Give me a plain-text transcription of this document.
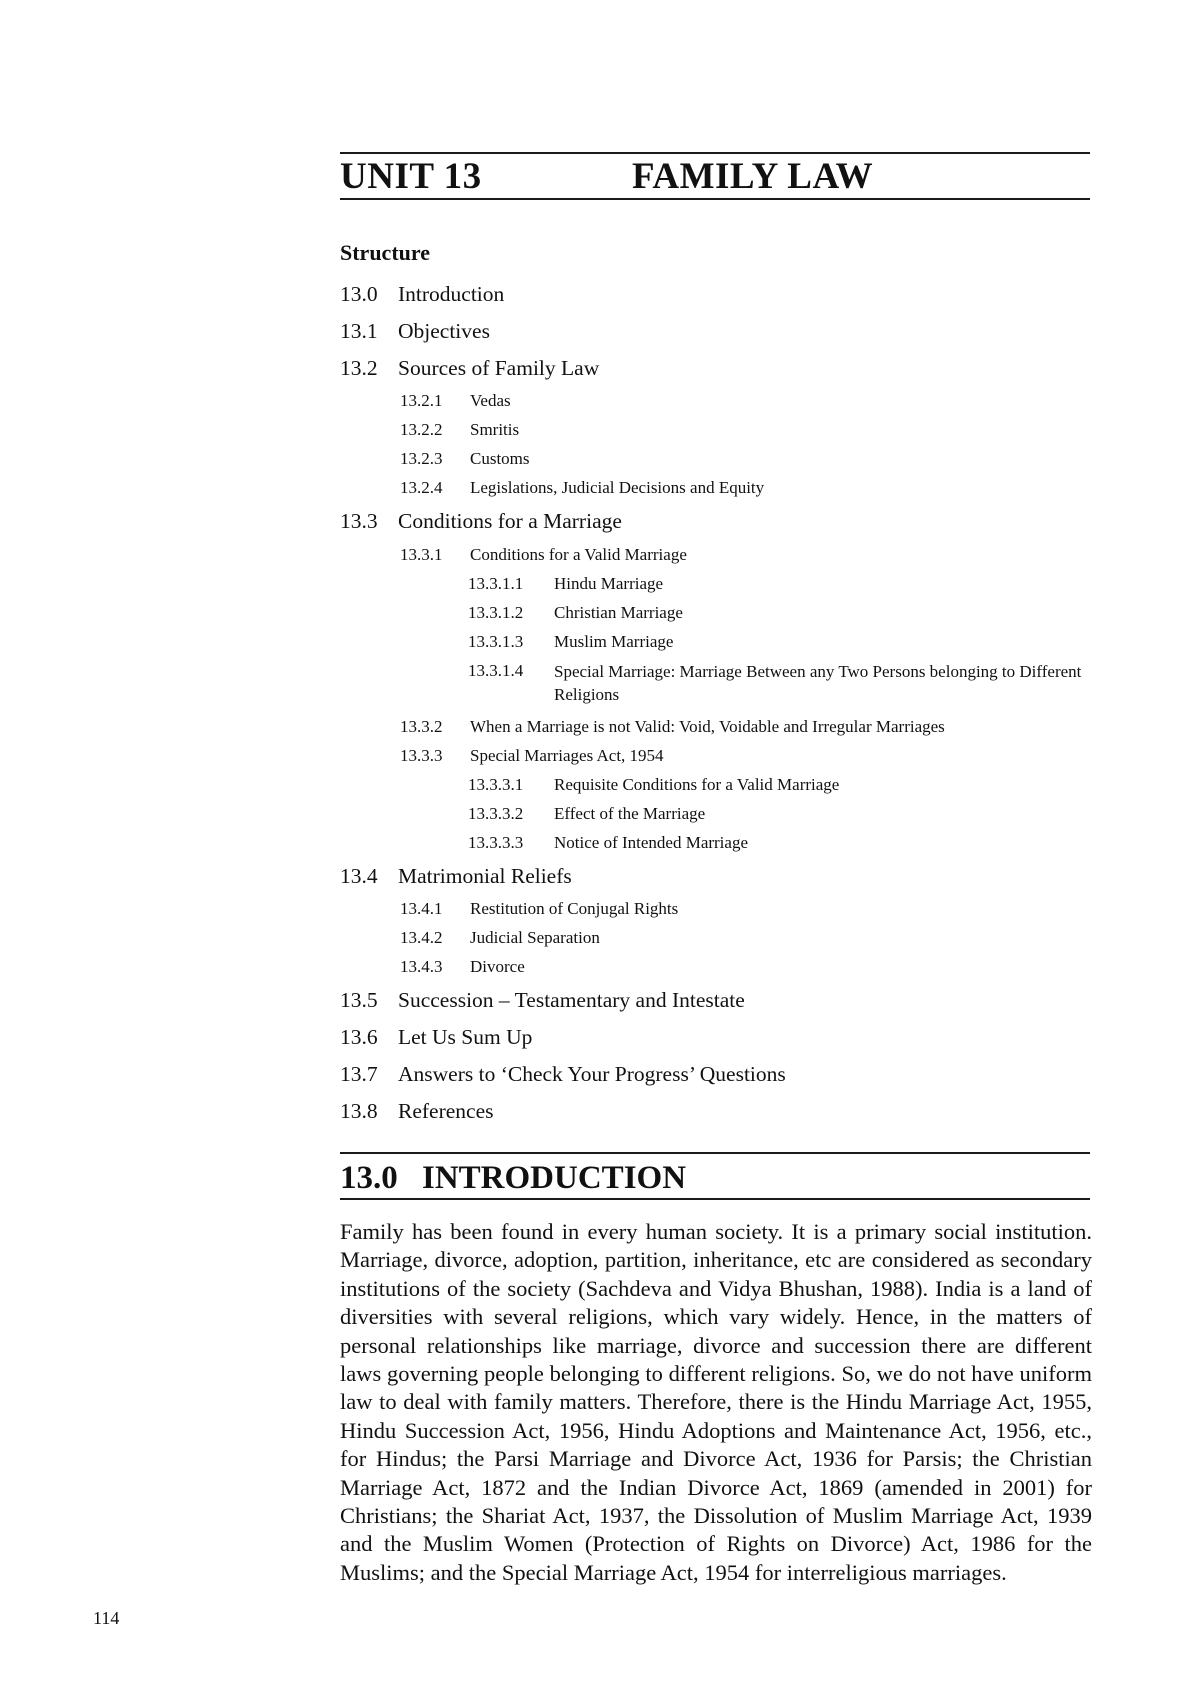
UNIT 13	FAMILY LAW
Structure
13.0 Introduction
13.1 Objectives
13.2 Sources of Family Law
13.2.1 Vedas
13.2.2 Smritis
13.2.3 Customs
13.2.4 Legislations, Judicial Decisions and Equity
13.3 Conditions for a Marriage
13.3.1 Conditions for a Valid Marriage
13.3.1.1 Hindu Marriage
13.3.1.2 Christian Marriage
13.3.1.3 Muslim Marriage
13.3.1.4 Special Marriage: Marriage Between any Two Persons belonging to Different Religions
13.3.2 When a Marriage is not Valid: Void, Voidable and Irregular Marriages
13.3.3 Special Marriages Act, 1954
13.3.3.1 Requisite Conditions for a Valid Marriage
13.3.3.2 Effect of the Marriage
13.3.3.3 Notice of Intended Marriage
13.4 Matrimonial Reliefs
13.4.1 Restitution of Conjugal Rights
13.4.2 Judicial Separation
13.4.3 Divorce
13.5 Succession – Testamentary and Intestate
13.6 Let Us Sum Up
13.7 Answers to ‘Check Your Progress’ Questions
13.8 References
13.0 INTRODUCTION
Family has been found in every human society. It is a primary social institution. Marriage, divorce, adoption, partition, inheritance, etc are considered as secondary institutions of the society (Sachdeva and Vidya Bhushan, 1988). India is a land of diversities with several religions, which vary widely. Hence, in the matters of personal relationships like marriage, divorce and succession there are different laws governing people belonging to different religions. So, we do not have uniform law to deal with family matters. Therefore, there is the Hindu Marriage Act, 1955, Hindu Succession Act, 1956, Hindu Adoptions and Maintenance Act, 1956, etc., for Hindus; the Parsi Marriage and Divorce Act, 1936 for Parsis; the Christian Marriage Act, 1872 and the Indian Divorce Act, 1869 (amended in 2001) for Christians; the Shariat Act, 1937, the Dissolution of Muslim Marriage Act, 1939 and the Muslim Women (Protection of Rights on Divorce) Act, 1986 for the Muslims; and the Special Marriage Act, 1954 for interreligious marriages.
114
